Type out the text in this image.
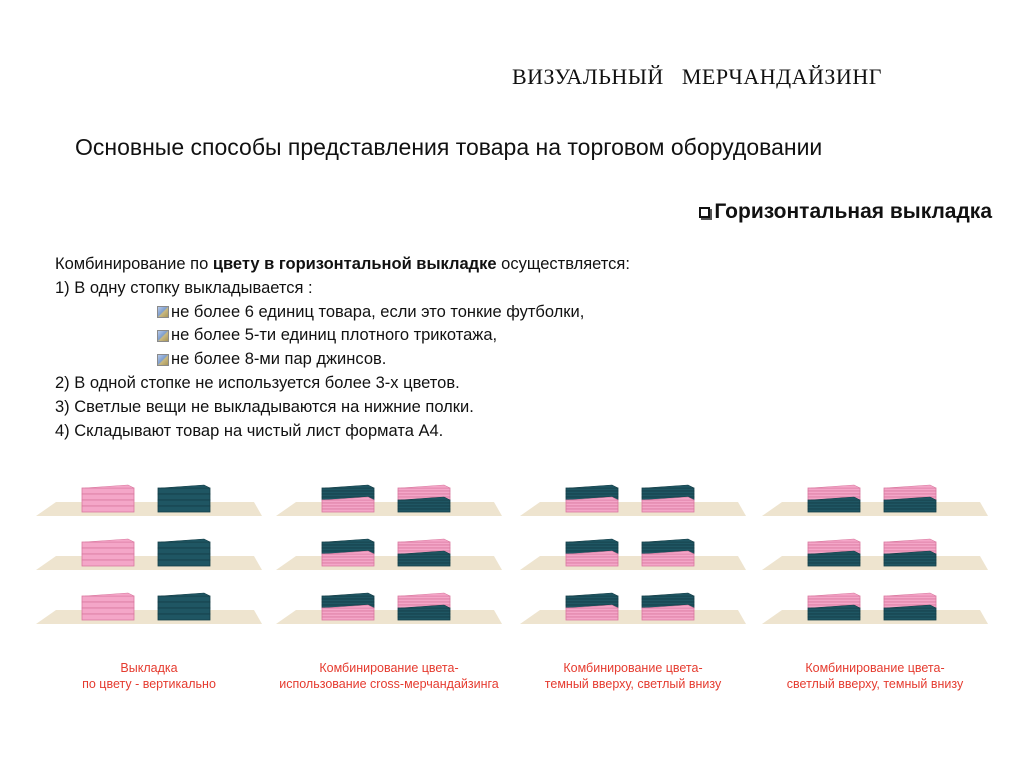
ВИЗУАЛЬНЫЙ   МЕРЧАНДАЙЗИНГ
Основные способы представления товара на торговом оборудовании
Горизонтальная выкладка

Комбинирование по цвету в горизонтальной выкладке осуществляется:

1) В одну стопку выкладывается :

не более 6 единиц товара, если это тонкие футболки,

не более 5-ти единиц плотного трикотажа,

не более 8-ми пар джинсов.

2) В одной стопке не используется более 3-х цветов.

3) Светлые вещи не выкладываются на нижние полки.

4) Складывают товар на чистый лист формата А4.

Выкладка
по цвету - вертикально
Комбинирование цвета-
использование cross-мерчандайзинга
Комбинирование цвета-
темный вверху, светлый внизу
Комбинирование цвета-
светлый вверху, темный внизу
